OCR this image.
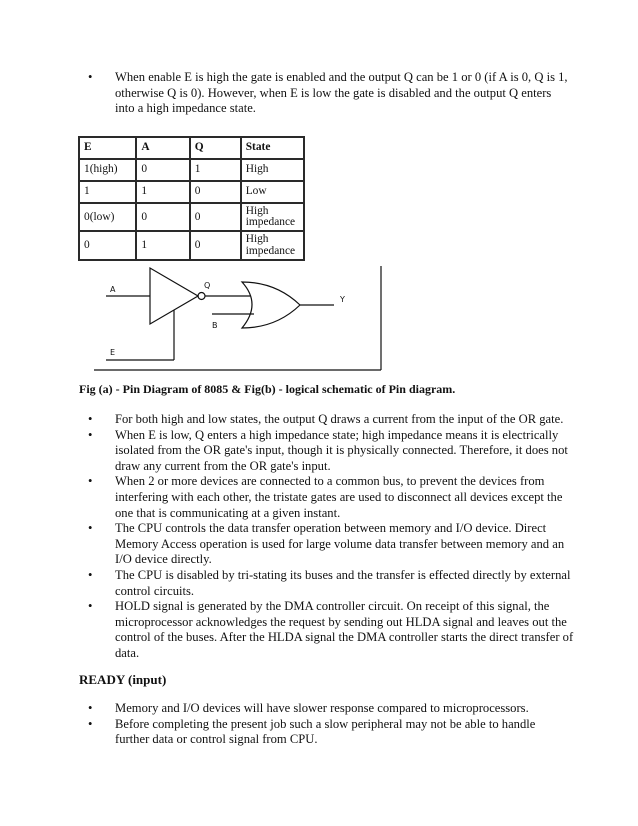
• When enable E is high the gate is enabled and the output Q can be 1 or 0 (if A is 0, Q is 1, otherwise Q is 0). However, when E is low the gate is disabled and the output Q enters into a high impedance state.
E	A	Q	State
1(high)	0	1	High
1	1	0	Low
0(low)	0	0	High impedance
0	1	0	High impedance
A	Q
B
Y
E
Fig (a) - Pin Diagram of 8085 & Fig(b) - logical schematic of Pin diagram.
• For both high and low states, the output Q draws a current from the input of the OR gate.
• When E is low, Q enters a high impedance state; high impedance means it is electrically isolated from the OR gate's input, though it is physically connected. Therefore, it does not draw any current from the OR gate's input.
• When 2 or more devices are connected to a common bus, to prevent the devices from interfering with each other, the tristate gates are used to disconnect all devices except the one that is communicating at a given instant.
• The CPU controls the data transfer operation between memory and I/O device. Direct Memory Access operation is used for large volume data transfer between memory and an I/O device directly.
• The CPU is disabled by tri-stating its buses and the transfer is effected directly by external control circuits.
• HOLD signal is generated by the DMA controller circuit. On receipt of this signal, the microprocessor acknowledges the request by sending out HLDA signal and leaves out the control of the buses. After the HLDA signal the DMA controller starts the direct transfer of data.
READY (input)
• Memory and I/O devices will have slower response compared to microprocessors.
• Before completing the present job such a slow peripheral may not be able to handle further data or control signal from CPU.
